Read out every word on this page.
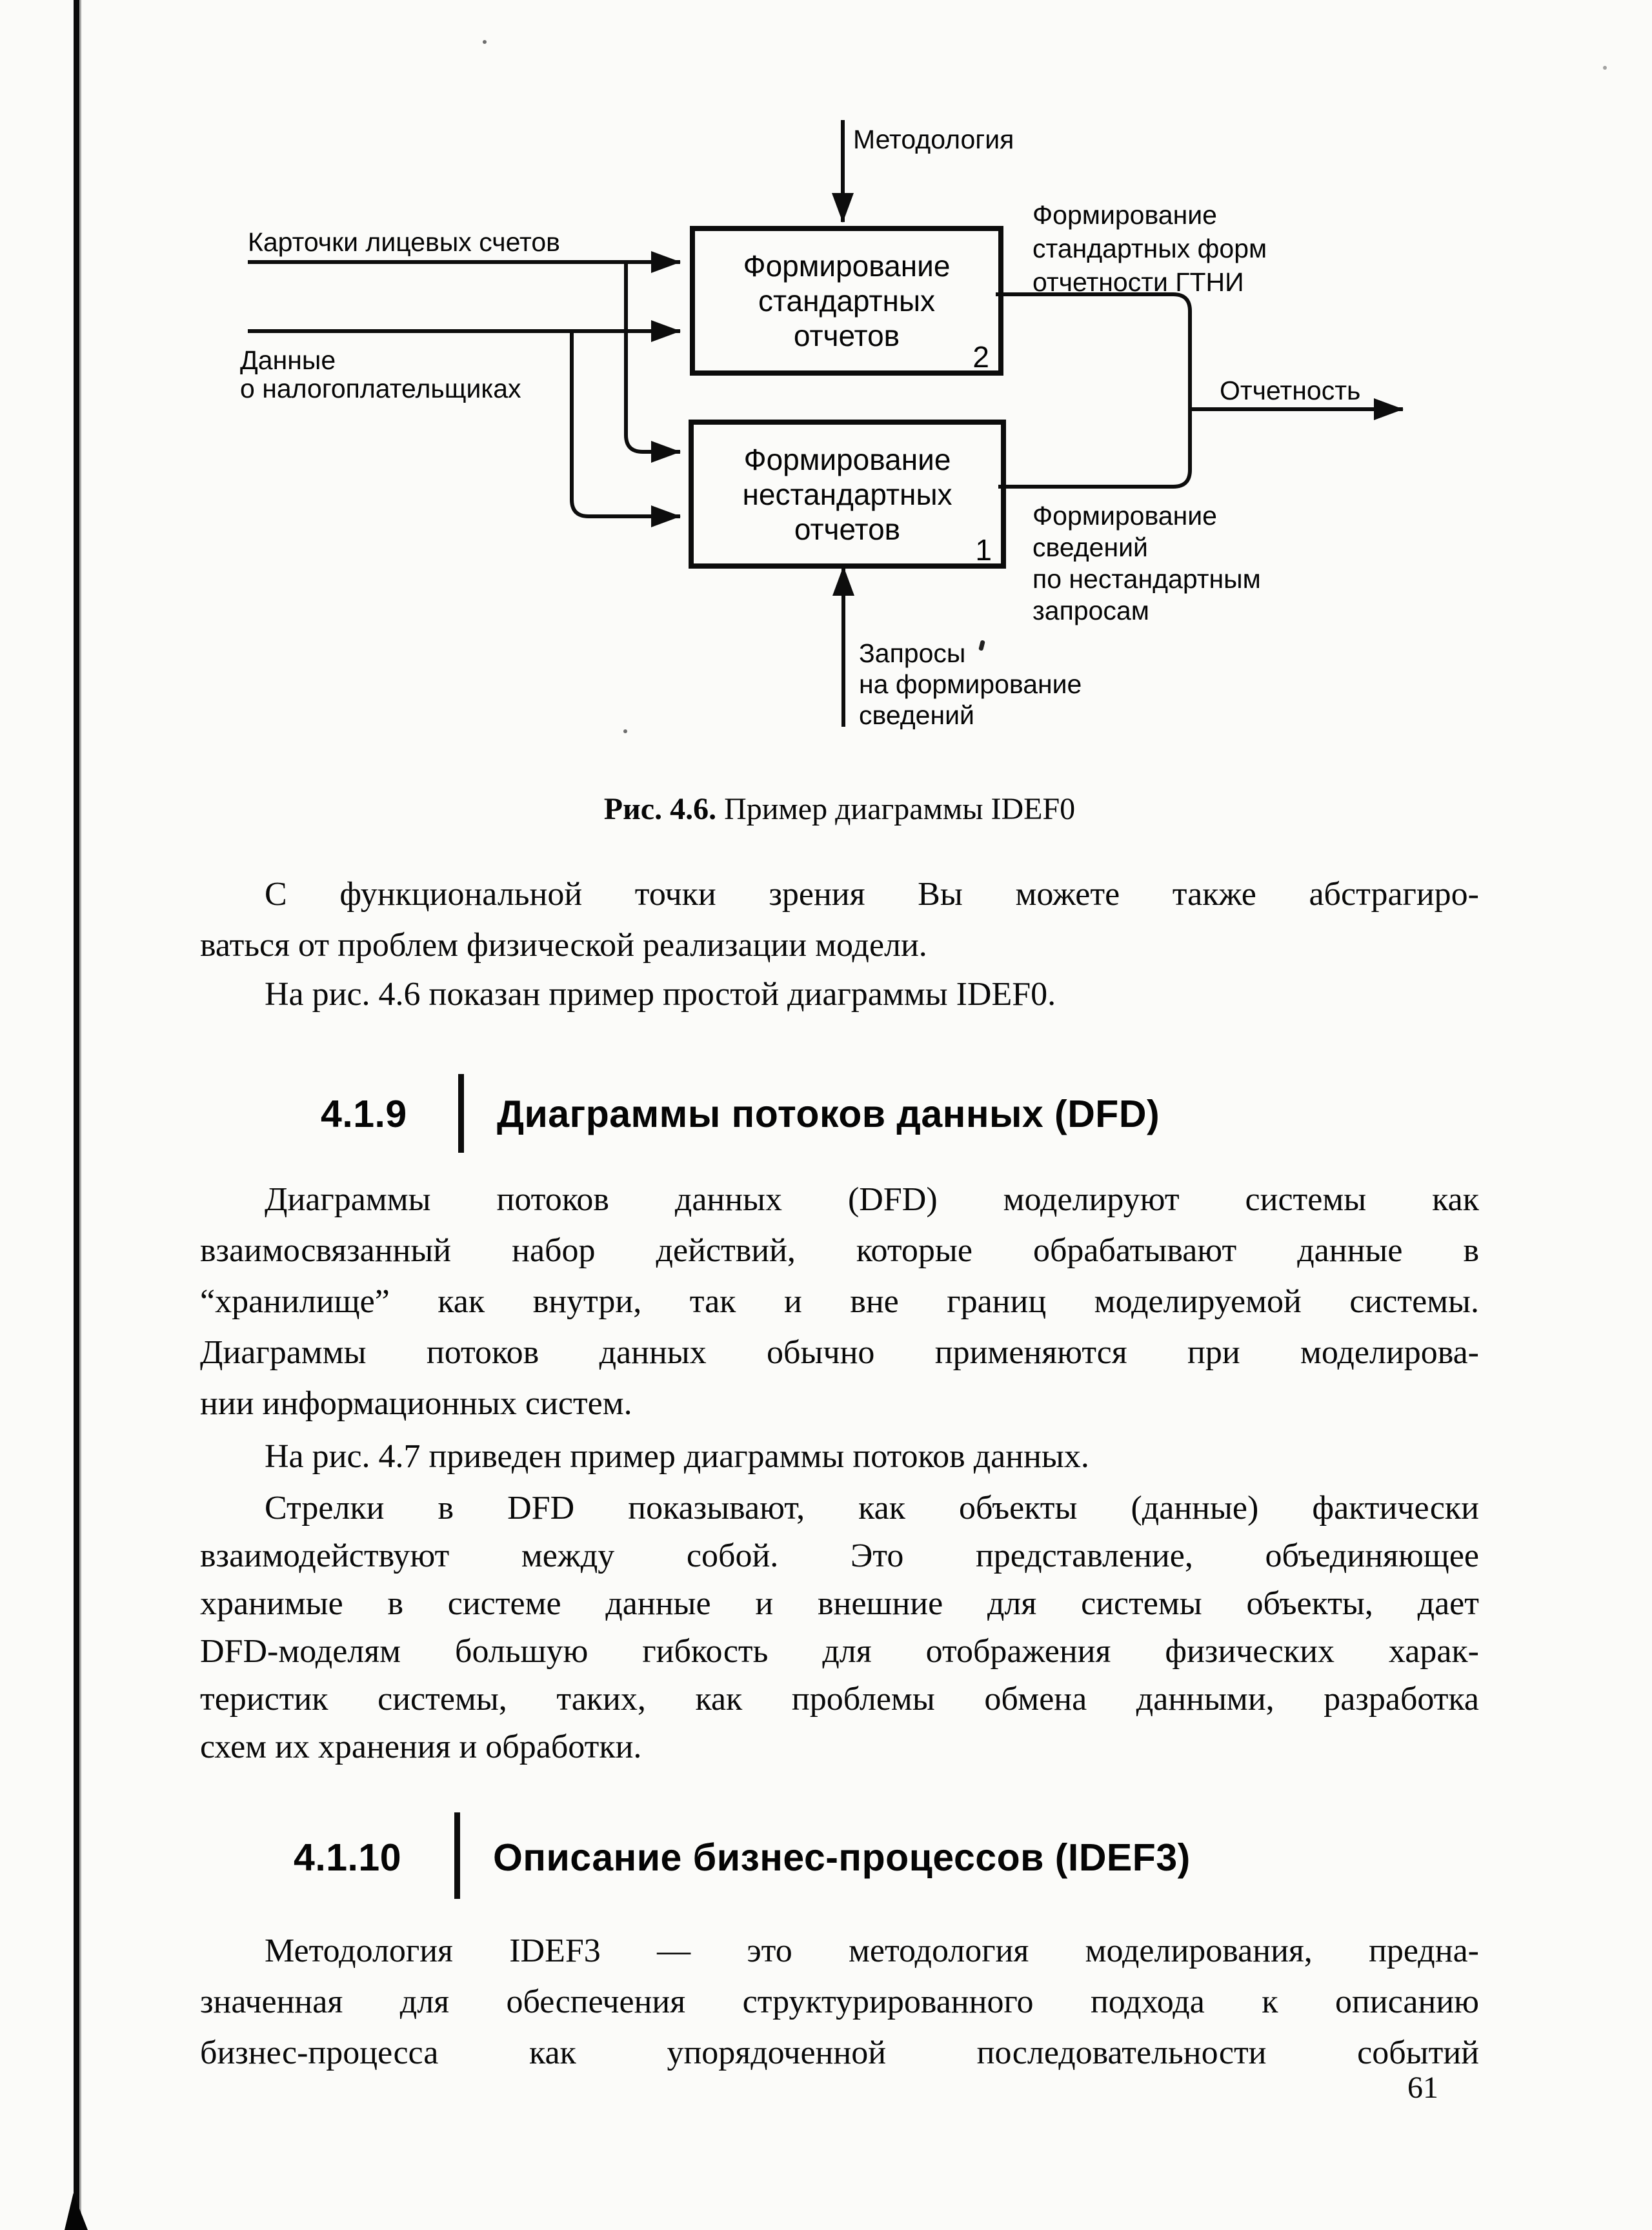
Формирование
стандартных
отчетов
2
Формирование
нестандартных
отчетов
1
Методология
Карточки лицевых счетов
Данные
о налогоплательщиках
Формирование
стандартных форм
отчетности ГТНИ
Отчетность
Формирование
сведений
по нестандартным
запросам
Запросы
на формирование
сведений
Рис. 4.6. Пример диаграммы IDEF0
С функциональной точки зрения Вы можете также абстрагиро-
ваться от проблем физической реализации модели.
На рис. 4.6 показан пример простой диаграммы IDEF0.
4.1.9 Диаграммы потоков данных (DFD)
Диаграммы потоков данных (DFD) моделируют системы как
взаимосвязанный набор действий, которые обрабатывают данные в
“хранилище” как внутри, так и вне границ моделируемой системы.
Диаграммы потоков данных обычно применяются при моделирова-
нии информационных систем.
На рис. 4.7 приведен пример диаграммы потоков данных.
Стрелки в DFD показывают, как объекты (данные) фактически
взаимодействуют между собой. Это представление, объединяющее
хранимые в системе данные и внешние для системы объекты, дает
DFD-моделям большую гибкость для отображения физических харак-
теристик системы, таких, как проблемы обмена данными, разработка
схем их хранения и обработки.
4.1.10 Описание бизнес-процессов (IDEF3)
Методология IDEF3 — это методология моделирования, предна-
значенная для обеспечения структурированного подхода к описанию
бизнес-процесса как упорядоченной последовательности событий
61
